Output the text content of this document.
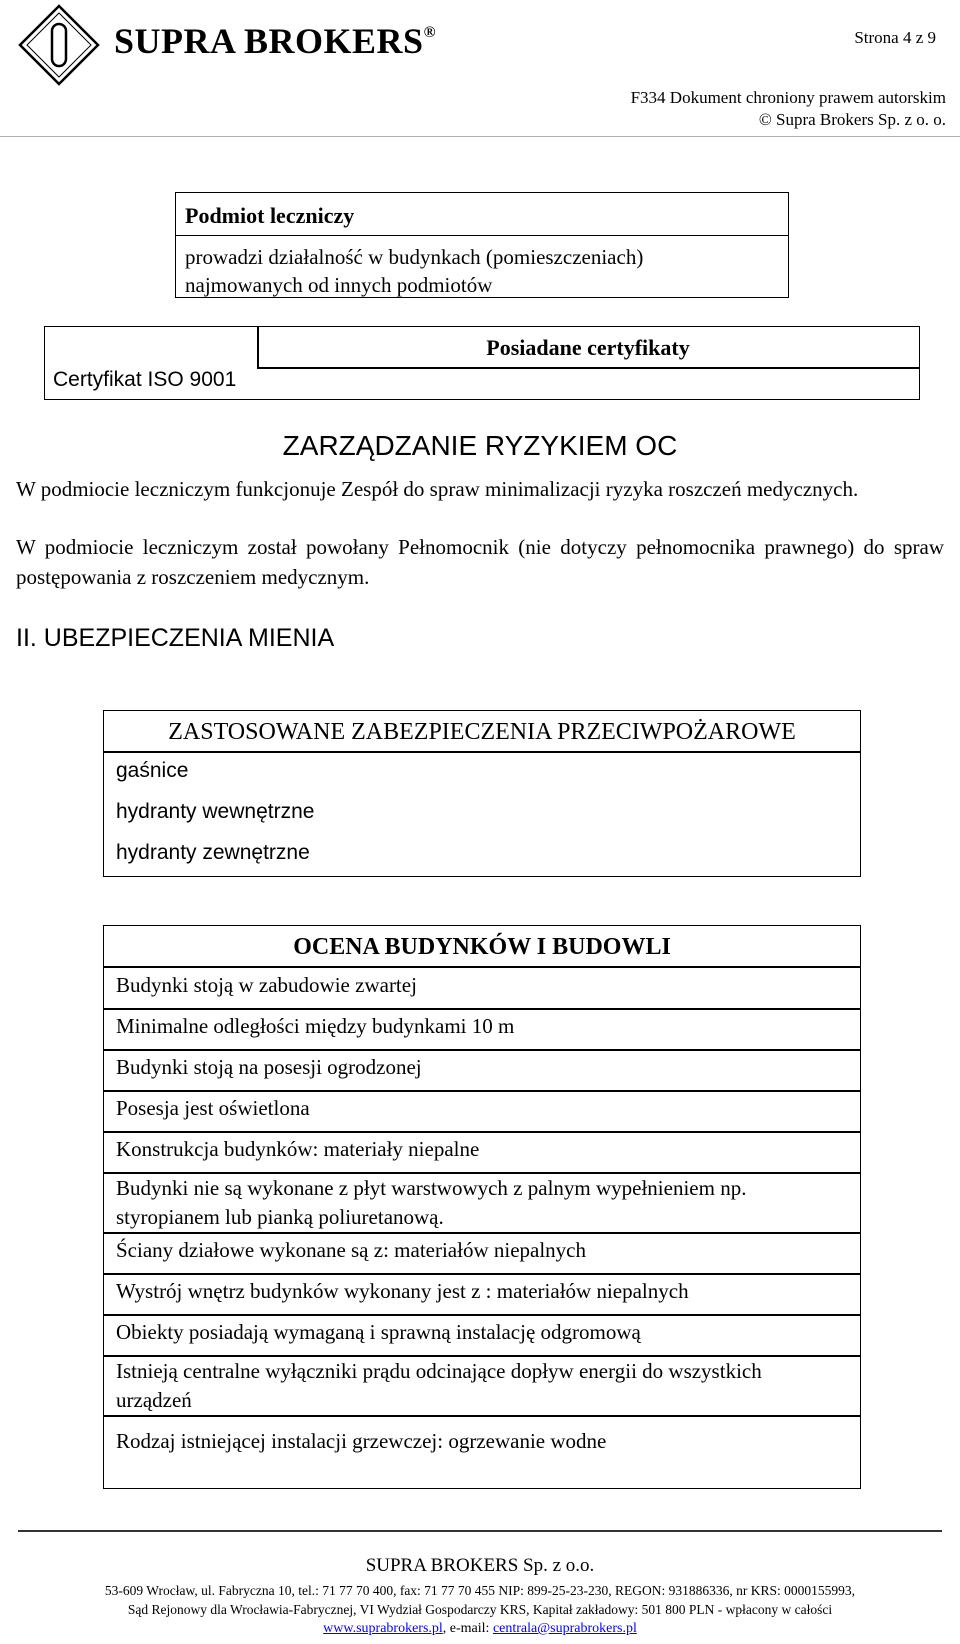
SUPRA BROKERS®	Strona 4 z 9
F334 Dokument chroniony prawem autorskim
© Supra Brokers Sp. z o. o.
Podmiot leczniczy
prowadzi działalność w budynkach (pomieszczeniach)
najmowanych od innych podmiotów
Posiadane certyfikaty
Certyfikat ISO 9001
ZARZĄDZANIE RYZYKIEM OC
W podmiocie leczniczym funkcjonuje Zespół do spraw minimalizacji ryzyka roszczeń medycznych.
W podmiocie leczniczym został powołany Pełnomocnik (nie dotyczy pełnomocnika prawnego) do spraw postępowania z roszczeniem medycznym.
II. UBEZPIECZENIA MIENIA
ZASTOSOWANE ZABEZPIECZENIA PRZECIWPOŻAROWE
gaśnice
hydranty wewnętrzne
hydranty zewnętrzne
OCENA BUDYNKÓW I BUDOWLI
Budynki stoją w zabudowie zwartej
Minimalne odległości między budynkami 10 m
Budynki stoją na posesji ogrodzonej
Posesja jest oświetlona
Konstrukcja budynków: materiały niepalne
Budynki nie są wykonane z płyt warstwowych z palnym wypełnieniem np. styropianem lub pianką poliuretanową.
Ściany działowe wykonane są z: materiałów niepalnych
Wystrój wnętrz budynków wykonany jest z : materiałów niepalnych
Obiekty posiadają wymaganą i sprawną instalację odgromową
Istnieją centralne wyłączniki prądu odcinające dopływ energii do wszystkich urządzeń
Rodzaj istniejącej instalacji grzewczej: ogrzewanie wodne
SUPRA BROKERS Sp. z o.o.
53-609 Wrocław, ul. Fabryczna 10, tel.: 71 77 70 400, fax: 71 77 70 455 NIP: 899-25-23-230, REGON: 931886336, nr KRS: 0000155993,
Sąd Rejonowy dla Wrocławia-Fabrycznej, VI Wydział Gospodarczy KRS, Kapitał zakładowy: 501 800 PLN - wpłacony w całości
www.suprabrokers.pl, e-mail: centrala@suprabrokers.pl
